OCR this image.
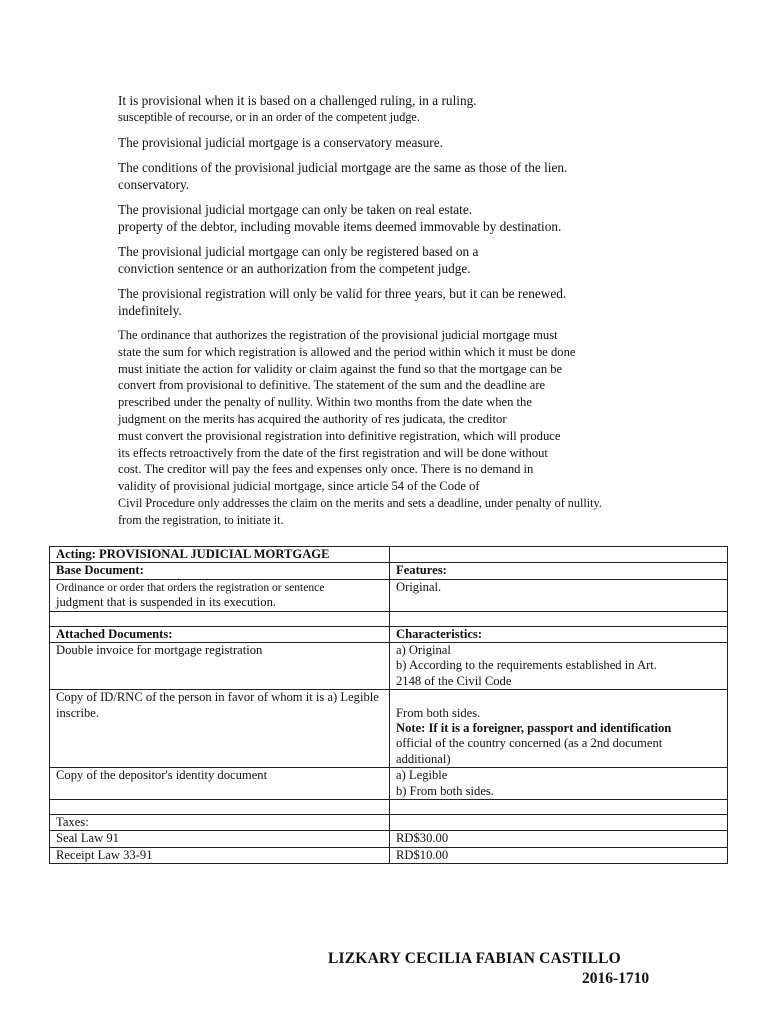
It is provisional when it is based on a challenged ruling, in a ruling.
susceptible of recourse, or in an order of the competent judge.

The provisional judicial mortgage is a conservatory measure.

The conditions of the provisional judicial mortgage are the same as those of the lien.
conservatory.

The provisional judicial mortgage can only be taken on real estate.
property of the debtor, including movable items deemed immovable by destination.

The provisional judicial mortgage can only be registered based on a
conviction sentence or an authorization from the competent judge.

The provisional registration will only be valid for three years, but it can be renewed.
indefinitely.

The ordinance that authorizes the registration of the provisional judicial mortgage must
state the sum for which registration is allowed and the period within which it must be done
must initiate the action for validity or claim against the fund so that the mortgage can be
convert from provisional to definitive. The statement of the sum and the deadline are
prescribed under the penalty of nullity. Within two months from the date when the
judgment on the merits has acquired the authority of res judicata, the creditor
must convert the provisional registration into definitive registration, which will produce
its effects retroactively from the date of the first registration and will be done without
cost. The creditor will pay the fees and expenses only once. There is no demand in
validity of provisional judicial mortgage, since article 54 of the Code of
Civil Procedure only addresses the claim on the merits and sets a deadline, under penalty of nullity.
from the registration, to initiate it.

Acting: PROVISIONAL JUDICIAL MORTGAGE	
Base Document:	Features:

Ordinance or order that orders the registration or sentence
judgment that is suspended in its execution.	Original.

Attached Documents:	Characteristics:
Double invoice for mortgage registration	a) Original
b) According to the requirements established in Art.
2148 of the Civil Code

Copy of ID/RNC of the person in favor of whom it is a) Legible
inscribe.	From both sides.
Note: If it is a foreigner, passport and identification
official of the country concerned (as a 2nd document
additional)

Copy of the depositor's identity document	a) Legible
b) From both sides.

Taxes:	
Seal Law 91	RD$30.00
Receipt Law 33-91	RD$10.00
LIZKARY CECILIA FABIAN CASTILLO
2016-1710
